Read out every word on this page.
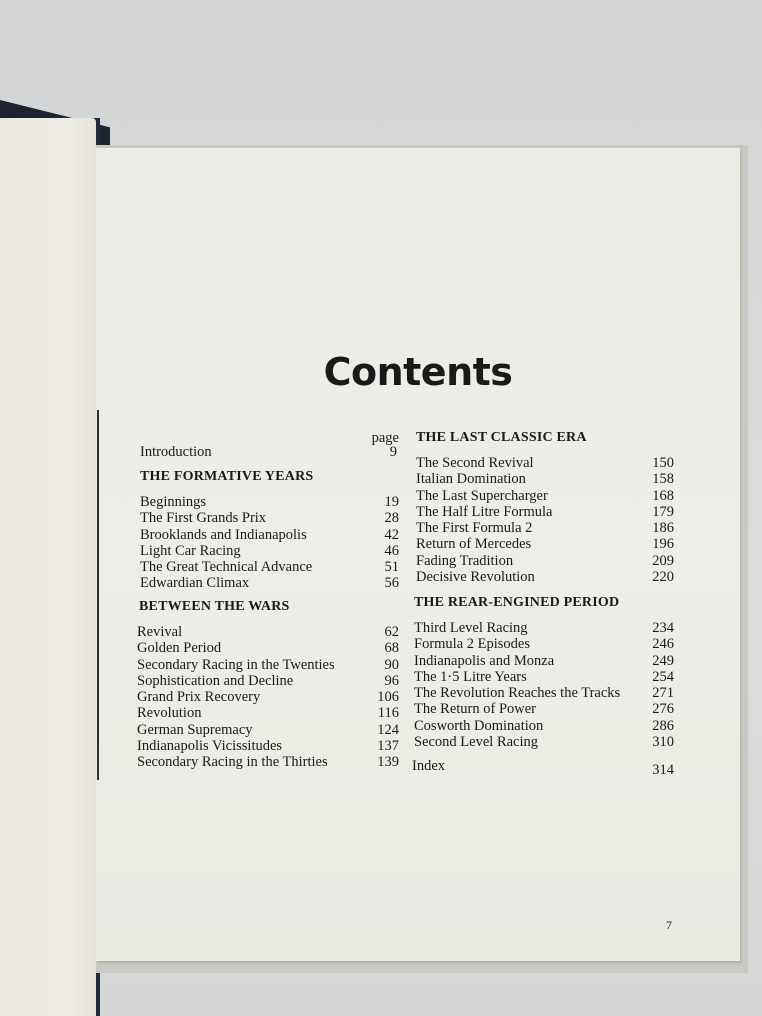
Contents
page
Introduction	9
THE FORMATIVE YEARS
Beginnings	19
The First Grands Prix	28
Brooklands and Indianapolis	42
Light Car Racing	46
The Great Technical Advance	51
Edwardian Climax	56
BETWEEN THE WARS
Revival	62
Golden Period	68
Secondary Racing in the Twenties	90
Sophistication and Decline	96
Grand Prix Recovery	106
Revolution	116
German Supremacy	124
Indianapolis Vicissitudes	137
Secondary Racing in the Thirties	139
THE LAST CLASSIC ERA
The Second Revival	150
Italian Domination	158
The Last Supercharger	168
The Half Litre Formula	179
The First Formula 2	186
Return of Mercedes	196
Fading Tradition	209
Decisive Revolution	220
THE REAR-ENGINED PERIOD
Third Level Racing	234
Formula 2 Episodes	246
Indianapolis and Monza	249
The 1·5 Litre Years	254
The Revolution Reaches the Tracks 271
The Return of Power	276
Cosworth Domination	286
Second Level Racing	310
Index	314
7
